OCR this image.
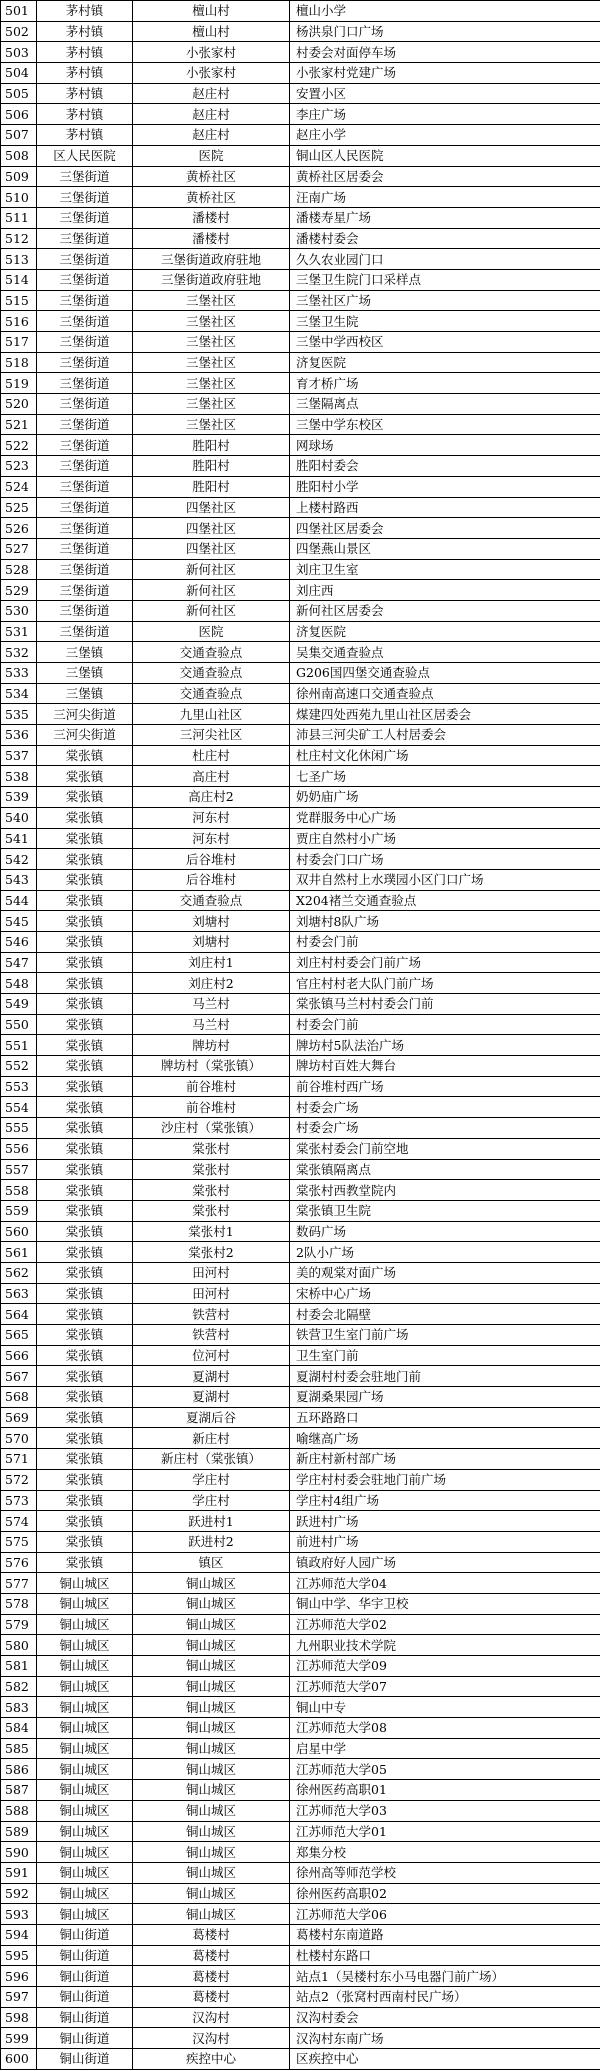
501	茅村镇	檀山村	檀山小学
502	茅村镇	檀山村	杨洪泉门口广场
503	茅村镇	小张家村	村委会对面停车场
504	茅村镇	小张家村	小张家村党建广场
505	茅村镇	赵庄村	安置小区
506	茅村镇	赵庄村	李庄广场
507	茅村镇	赵庄村	赵庄小学
508	区人民医院	医院	铜山区人民医院
509	三堡街道	黄桥社区	黄桥社区居委会
510	三堡街道	黄桥社区	汪南广场
511	三堡街道	潘楼村	潘楼寿星广场
512	三堡街道	潘楼村	潘楼村委会
513	三堡街道	三堡街道政府驻地	久久农业园门口
514	三堡街道	三堡街道政府驻地	三堡卫生院门口采样点
515	三堡街道	三堡社区	三堡社区广场
516	三堡街道	三堡社区	三堡卫生院
517	三堡街道	三堡社区	三堡中学西校区
518	三堡街道	三堡社区	济复医院
519	三堡街道	三堡社区	育才桥广场
520	三堡街道	三堡社区	三堡隔离点
521	三堡街道	三堡社区	三堡中学东校区
522	三堡街道	胜阳村	网球场
523	三堡街道	胜阳村	胜阳村委会
524	三堡街道	胜阳村	胜阳村小学
525	三堡街道	四堡社区	上楼村路西
526	三堡街道	四堡社区	四堡社区居委会
527	三堡街道	四堡社区	四堡燕山景区
528	三堡街道	新何社区	刘庄卫生室
529	三堡街道	新何社区	刘庄西
530	三堡街道	新何社区	新何社区居委会
531	三堡街道	医院	济复医院
532	三堡镇	交通查验点	吴集交通查验点
533	三堡镇	交通查验点	G206国四堡交通查验点
534	三堡镇	交通查验点	徐州南高速口交通查验点
535	三河尖街道	九里山社区	煤建四处西苑九里山社区居委会
536	三河尖街道	三河尖社区	沛县三河尖矿工人村居委会
537	棠张镇	杜庄村	杜庄村文化休闲广场
538	棠张镇	高庄村	七圣广场
539	棠张镇	高庄村2	奶奶庙广场
540	棠张镇	河东村	党群服务中心广场
541	棠张镇	河东村	贾庄自然村小广场
542	棠张镇	后谷堆村	村委会门口广场
543	棠张镇	后谷堆村	双井自然村上水璞园小区门口广场
544	棠张镇	交通查验点	X204褚兰交通查验点
545	棠张镇	刘塘村	刘塘村8队广场
546	棠张镇	刘塘村	村委会门前
547	棠张镇	刘庄村1	刘庄村村委会门前广场
548	棠张镇	刘庄村2	官庄村村老大队门前广场
549	棠张镇	马兰村	棠张镇马兰村村委会门前
550	棠张镇	马兰村	村委会门前
551	棠张镇	牌坊村	牌坊村5队法治广场
552	棠张镇	牌坊村（棠张镇）	牌坊村百姓大舞台
553	棠张镇	前谷堆村	前谷堆村西广场
554	棠张镇	前谷堆村	村委会广场
555	棠张镇	沙庄村（棠张镇）	村委会广场
556	棠张镇	棠张村	棠张村委会门前空地
557	棠张镇	棠张村	棠张镇隔离点
558	棠张镇	棠张村	棠张村西教堂院内
559	棠张镇	棠张村	棠张镇卫生院
560	棠张镇	棠张村1	数码广场
561	棠张镇	棠张村2	2队小广场
562	棠张镇	田河村	美的观棠对面广场
563	棠张镇	田河村	宋桥中心广场
564	棠张镇	铁营村	村委会北隔壁
565	棠张镇	铁营村	铁营卫生室门前广场
566	棠张镇	位河村	卫生室门前
567	棠张镇	夏湖村	夏湖村村委会驻地门前
568	棠张镇	夏湖村	夏湖桑果园广场
569	棠张镇	夏湖后谷	五环路路口
570	棠张镇	新庄村	喻继高广场
571	棠张镇	新庄村（棠张镇）	新庄村新村部广场
572	棠张镇	学庄村	学庄村村委会驻地门前广场
573	棠张镇	学庄村	学庄村4组广场
574	棠张镇	跃进村1	跃进村广场
575	棠张镇	跃进村2	前进村广场
576	棠张镇	镇区	镇政府好人园广场
577	铜山城区	铜山城区	江苏师范大学04
578	铜山城区	铜山城区	铜山中学、华宇卫校
579	铜山城区	铜山城区	江苏师范大学02
580	铜山城区	铜山城区	九州职业技术学院
581	铜山城区	铜山城区	江苏师范大学09
582	铜山城区	铜山城区	江苏师范大学07
583	铜山城区	铜山城区	铜山中专
584	铜山城区	铜山城区	江苏师范大学08
585	铜山城区	铜山城区	启星中学
586	铜山城区	铜山城区	江苏师范大学05
587	铜山城区	铜山城区	徐州医药高职01
588	铜山城区	铜山城区	江苏师范大学03
589	铜山城区	铜山城区	江苏师范大学01
590	铜山城区	铜山城区	郑集分校
591	铜山城区	铜山城区	徐州高等师范学校
592	铜山城区	铜山城区	徐州医药高职02
593	铜山城区	铜山城区	江苏师范大学06
594	铜山街道	葛楼村	葛楼村东南道路
595	铜山街道	葛楼村	杜楼村东路口
596	铜山街道	葛楼村	站点1（吴楼村东小马电器门前广场）
597	铜山街道	葛楼村	站点2（张窝村西南村民广场）
598	铜山街道	汉沟村	汉沟村委会
599	铜山街道	汉沟村	汉沟村东南广场
600	铜山街道	疾控中心	区疾控中心
